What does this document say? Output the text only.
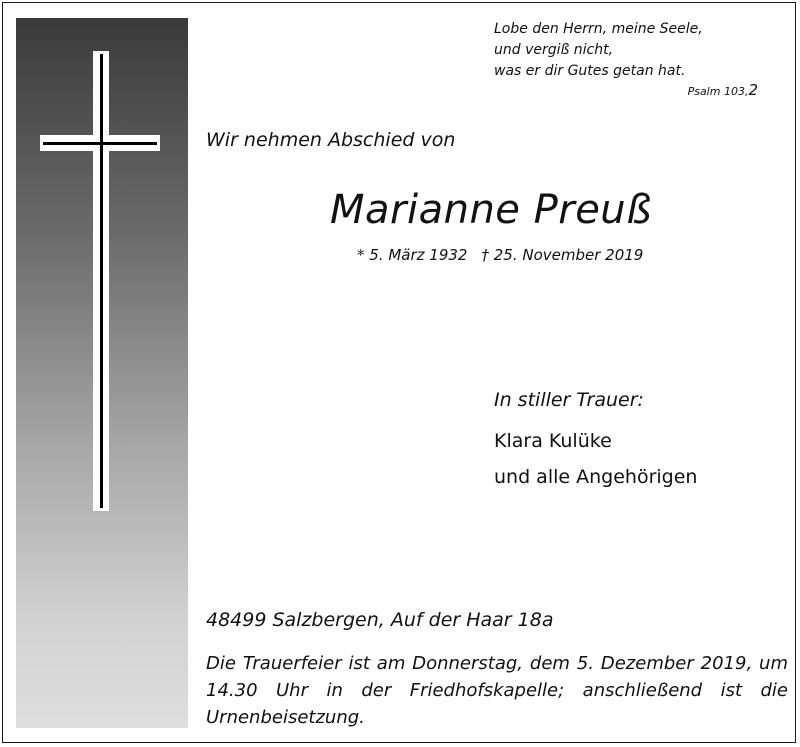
Lobe den Herrn, meine Seele,
und vergiß nicht,
was er dir Gutes getan hat.
Psalm 103,2
Wir nehmen Abschied von
Marianne Preuß
* 5. März 1932 † 25. November 2019
In stiller Trauer:
Klara Kulüke
und alle Angehörigen
48499 Salzbergen, Auf der Haar 18a
Die Trauerfeier ist am Donnerstag, dem 5. Dezember 2019, um 14.30 Uhr in der Friedhofskapelle; anschließend ist die Urnenbeisetzung.
